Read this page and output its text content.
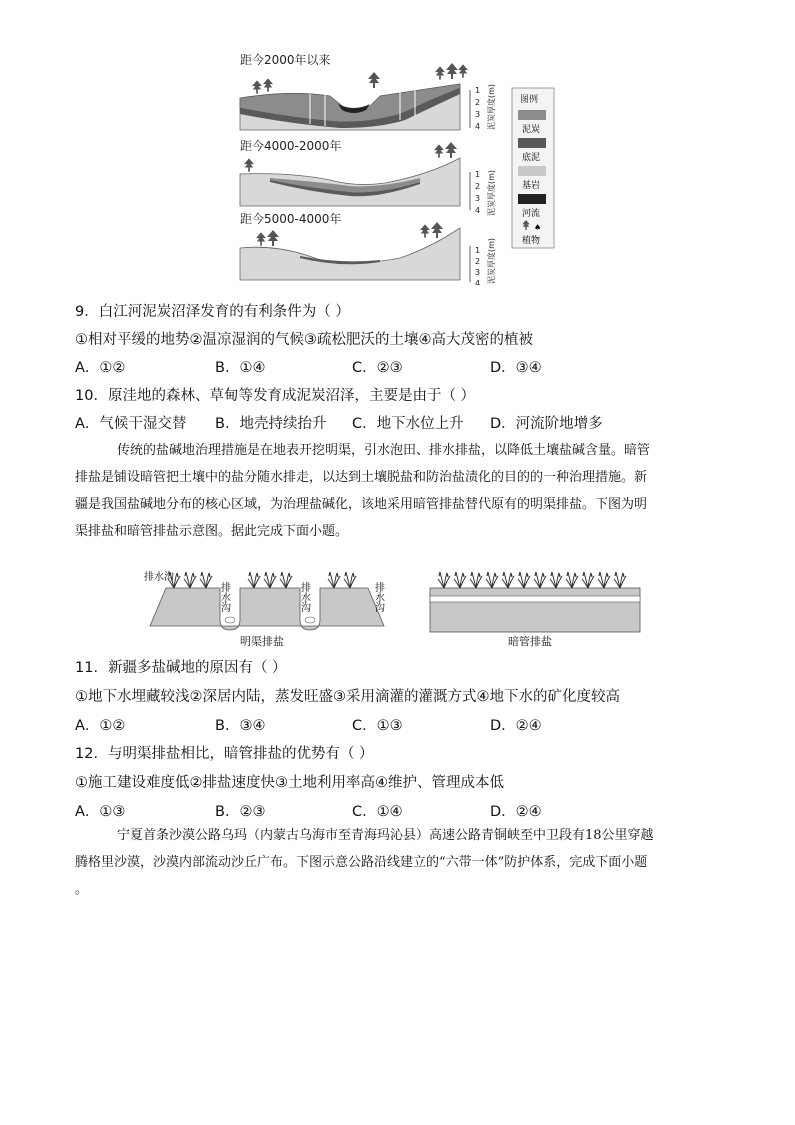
距今2000年以来
1
2
3
4 泥炭厚度(m)
距今4000-2000年
1
2
3
4 泥炭厚度(m)
距今5000-4000年
1
2
3
4 泥炭厚度(m)
图例
泥炭
底泥
基岩
河流
♠
植物
9．白江河泥炭沼泽发育的有利条件为（ ）
①相对平缓的地势②温凉湿润的气候③疏松肥沃的土壤④高大茂密的植被
A．①②	B．①④	C．②③	D．③④
10．原洼地的森林、草甸等发育成泥炭沼泽，主要是由于（ ）
A．气候干湿交替 B．地壳持续抬升 C．地下水位上升 D．河流阶地增多
传统的盐碱地治理措施是在地表开挖明渠，引水泡田、排水排盐，以降低土壤盐碱含量。暗管
排盐是铺设暗管把土壤中的盐分随水排走，以达到土壤脱盐和防治盐渍化的目的的一种治理措施。新
疆是我国盐碱地分布的核心区域，为治理盐碱化，该地采用暗管排盐替代原有的明渠排盐。下图为明
渠排盐和暗管排盐示意图。据此完成下面小题。
排水沟
排水沟	排水沟	排水沟
明渠排盐	暗管排盐
11．新疆多盐碱地的原因有（ ）
①地下水埋藏较浅②深居内陆，蒸发旺盛③采用滴灌的灌溉方式④地下水的矿化度较高
A．①②	B．③④	C．①③	D．②④
12．与明渠排盐相比，暗管排盐的优势有（ ）
①施工建设难度低②排盐速度快③土地利用率高④维护、管理成本低
A．①③	B．②③	C．①④	D．②④
宁夏首条沙漠公路乌玛（内蒙古乌海市至青海玛沁县）高速公路青铜峡至中卫段有18公里穿越
腾格里沙漠，沙漠内部流动沙丘广布。下图示意公路沿线建立的“六带一体”防护体系，完成下面小题
。
